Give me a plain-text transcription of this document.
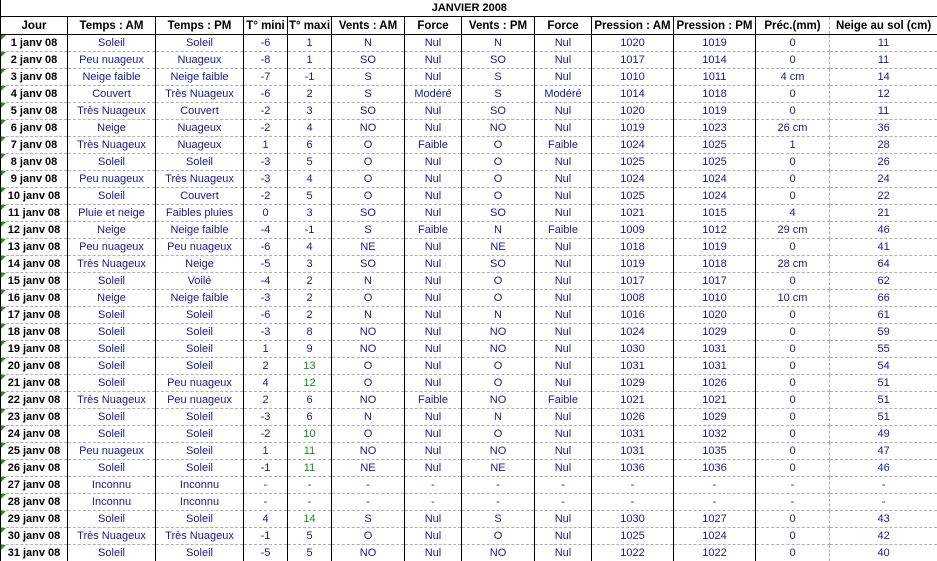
JANVIER 2008												
Jour	Temps : AM	Temps : PM	T° mini	T° maxi	Vents : AM	Force	Vents : PM	Force	Pression : AM	Pression : PM	Préc.(mm)	Neige au sol (cm)
1 janv 08	Soleil	Soleil	-6	1	N	Nul	N	Nul	1020	1019	0	11
2 janv 08	Peu nuageux	Nuageux	-8	1	SO	Nul	SO	Nul	1017	1014	0	11
3 janv 08	Neige faible	Neige faible	-7	-1	S	Nul	S	Nul	1010	1011	4 cm	14
4 janv 08	Couvert	Très Nuageux	-6	2	S	Modéré	S	Modéré	1014	1018	0	12
5 janv 08	Très Nuageux	Couvert	-2	3	SO	Nul	SO	Nul	1020	1019	0	11
6 janv 08	Neige	Nuageux	-2	4	NO	Nul	NO	Nul	1019	1023	26 cm	36
7 janv 08	Très Nuageux	Nuageux	1	6	O	Faible	O	Faible	1024	1025	1	28
8 janv 08	Soleil	Soleil	-3	5	O	Nul	O	Nul	1025	1025	0	26
9 janv 08	Peu nuageux	Très Nuageux	-3	4	O	Nul	O	Nul	1024	1024	0	24
10 janv 08	Soleil	Couvert	-2	5	O	Nul	O	Nul	1025	1024	0	22
11 janv 08	Pluie et neige	Faibles pluies	0	3	SO	Nul	SO	Nul	1021	1015	4	21
12 janv 08	Neige	Neige faible	-4	-1	S	Faible	N	Faible	1009	1012	29 cm	46
13 janv 08	Peu nuageux	Peu nuageux	-6	4	NE	Nul	NE	Nul	1018	1019	0	41
14 janv 08	Très Nuageux	Neige	-5	3	SO	Nul	SO	Nul	1019	1018	28 cm	64
15 janv 08	Soleil	Voilé	-4	2	N	Nul	O	Nul	1017	1017	0	62
16 janv 08	Neige	Neige faible	-3	2	O	Nul	O	Nul	1008	1010	10 cm	66
17 janv 08	Soleil	Soleil	-6	2	N	Nul	N	Nul	1016	1020	0	61
18 janv 08	Soleil	Soleil	-3	8	NO	Nul	NO	Nul	1024	1029	0	59
19 janv 08	Soleil	Soleil	1	9	NO	Nul	NO	Nul	1030	1031	0	55
20 janv 08	Soleil	Soleil	2	13	O	Nul	O	Nul	1031	1031	0	54
21 janv 08	Soleil	Peu nuageux	4	12	O	Nul	O	Nul	1029	1026	0	51
22 janv 08	Très Nuageux	Peu nuageux	2	6	NO	Faible	NO	Faible	1021	1021	0	51
23 janv 08	Soleil	Soleil	-3	6	N	Nul	N	Nul	1026	1029	0	51
24 janv 08	Soleil	Soleil	-2	10	O	Nul	O	Nul	1031	1032	0	49
25 janv 08	Peu nuageux	Soleil	1	11	NO	Nul	NO	Nul	1031	1035	0	47
26 janv 08	Soleil	Soleil	-1	11	NE	Nul	NE	Nul	1036	1036	0	46
27 janv 08	Inconnu	Inconnu	-	-	-	-	-	-	-	-	-	-
28 janv 08	Inconnu	Inconnu	-	-	-	-	-	-	-	-	-	-
29 janv 08	Soleil	Soleil	4	14	S	Nul	S	Nul	1030	1027	0	43
30 janv 08	Très Nuageux	Très Nuageux	-1	5	O	Nul	O	Nul	1025	1024	0	42
31 janv 08	Soleil	Soleil	-5	5	NO	Nul	NO	Nul	1022	1022	0	40
